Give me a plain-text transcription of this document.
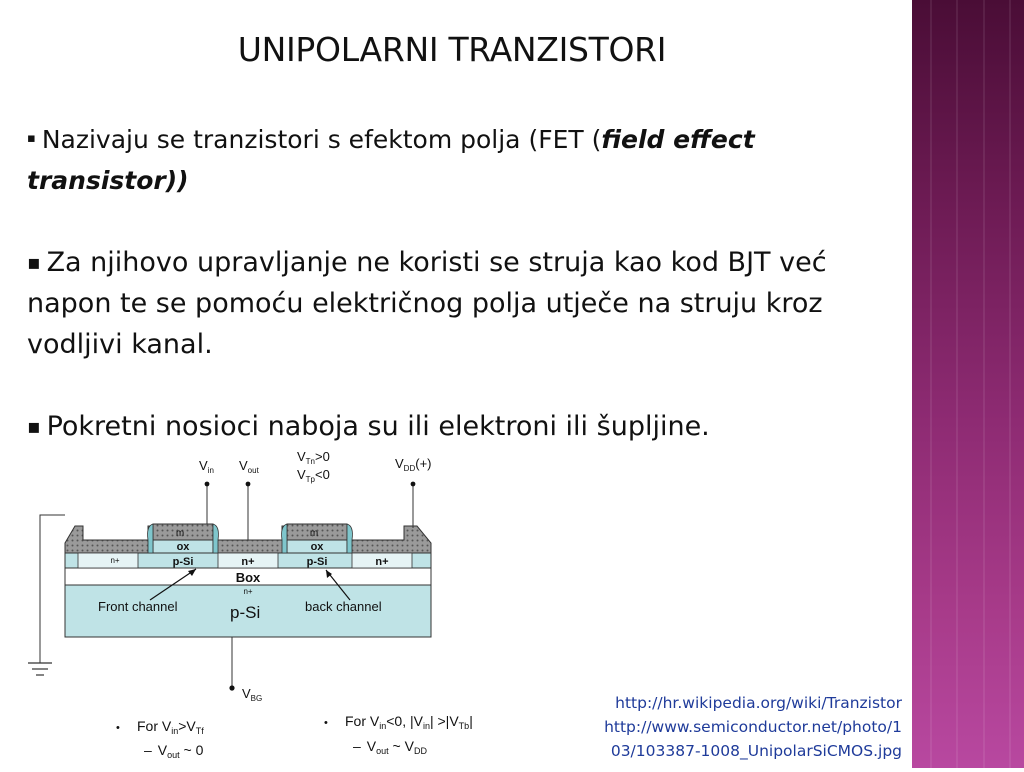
UNIPOLARNI TRANZISTORI
▪ Nazivaju se tranzistori s efektom polja (FET (field effect transistor))
▪ Za njihovo upravljanje ne koristi se struja kao kod BJT već napon te se pomoću električnog polja utječe na struju kroz vodljivi kanal.
▪ Pokretni nosioci naboja su ili elektroni ili šupljine.
m	m
ox	ox
p-Si	p-Si
n+	n+	n+
Box
n+
Front channel	back channel
p-Si
$V_{in}$ $V_{out}$
$V_{Tn}>0$
$V_{Tp}<0$
$V_{DD}(+)$
$V_{BG}$
• For $V_{in}>V_{Tf}$
– $V_{out}$ ~ 0
• For $V_{in}<0$, $|V_{in}| >|V_{Tb}|$
– $V_{out}$ ~ $V_{DD}$
http://hr.wikipedia.org/wiki/Tranzistor
http://www.semiconductor.net/photo/1
03/103387-1008_UnipolarSiCMOS.jpg
